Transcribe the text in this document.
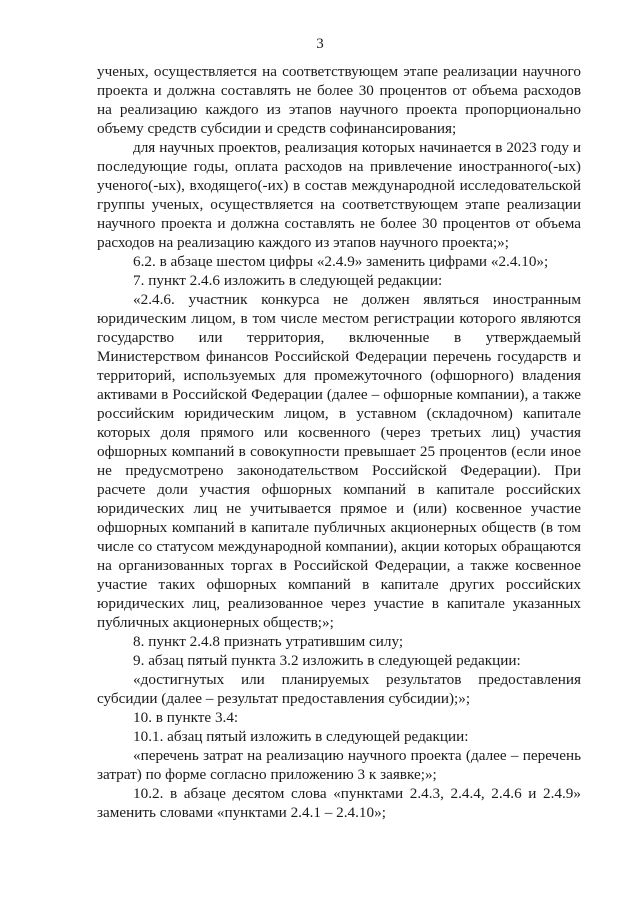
3

ученых, осуществляется на соответствующем этапе реализации научного проекта и должна составлять не более 30 процентов от объема расходов на реализацию каждого из этапов научного проекта пропорционально объему средств субсидии и средств софинансирования;

для научных проектов, реализация которых начинается в 2023 году и последующие годы, оплата расходов на привлечение иностранного(-ых) ученого(-ых), входящего(-их) в состав международной исследовательской группы ученых, осуществляется на соответствующем этапе реализации научного проекта и должна составлять не более 30 процентов от объема расходов на реализацию каждого из этапов научного проекта;»;

6.2. в абзаце шестом цифры «2.4.9» заменить цифрами «2.4.10»;

7. пункт 2.4.6 изложить в следующей редакции:

«2.4.6. участник конкурса не должен являться иностранным юридическим лицом, в том числе местом регистрации которого являются государство или территория, включенные в утверждаемый Министерством финансов Российской Федерации перечень государств и территорий, используемых для промежуточного (офшорного) владения активами в Российской Федерации (далее – офшорные компании), а также российским юридическим лицом, в уставном (складочном) капитале которых доля прямого или косвенного (через третьих лиц) участия офшорных компаний в совокупности превышает 25 процентов (если иное не предусмотрено законодательством Российской Федерации). При расчете доли участия офшорных компаний в капитале российских юридических лиц не учитывается прямое и (или) косвенное участие офшорных компаний в капитале публичных акционерных обществ (в том числе со статусом международной компании), акции которых обращаются на организованных торгах в Российской Федерации, а также косвенное участие таких офшорных компаний в капитале других российских юридических лиц, реализованное через участие в капитале указанных публичных акционерных обществ;»;

8. пункт 2.4.8 признать утратившим силу;

9. абзац пятый пункта 3.2 изложить в следующей редакции:

«достигнутых или планируемых результатов предоставления субсидии (далее – результат предоставления субсидии);»;

10. в пункте 3.4:

10.1. абзац пятый изложить в следующей редакции:

«перечень затрат на реализацию научного проекта (далее – перечень затрат) по форме согласно приложению 3 к заявке;»;

10.2. в абзаце десятом слова «пунктами 2.4.3, 2.4.4, 2.4.6 и 2.4.9» заменить словами «пунктами 2.4.1 – 2.4.10»;
